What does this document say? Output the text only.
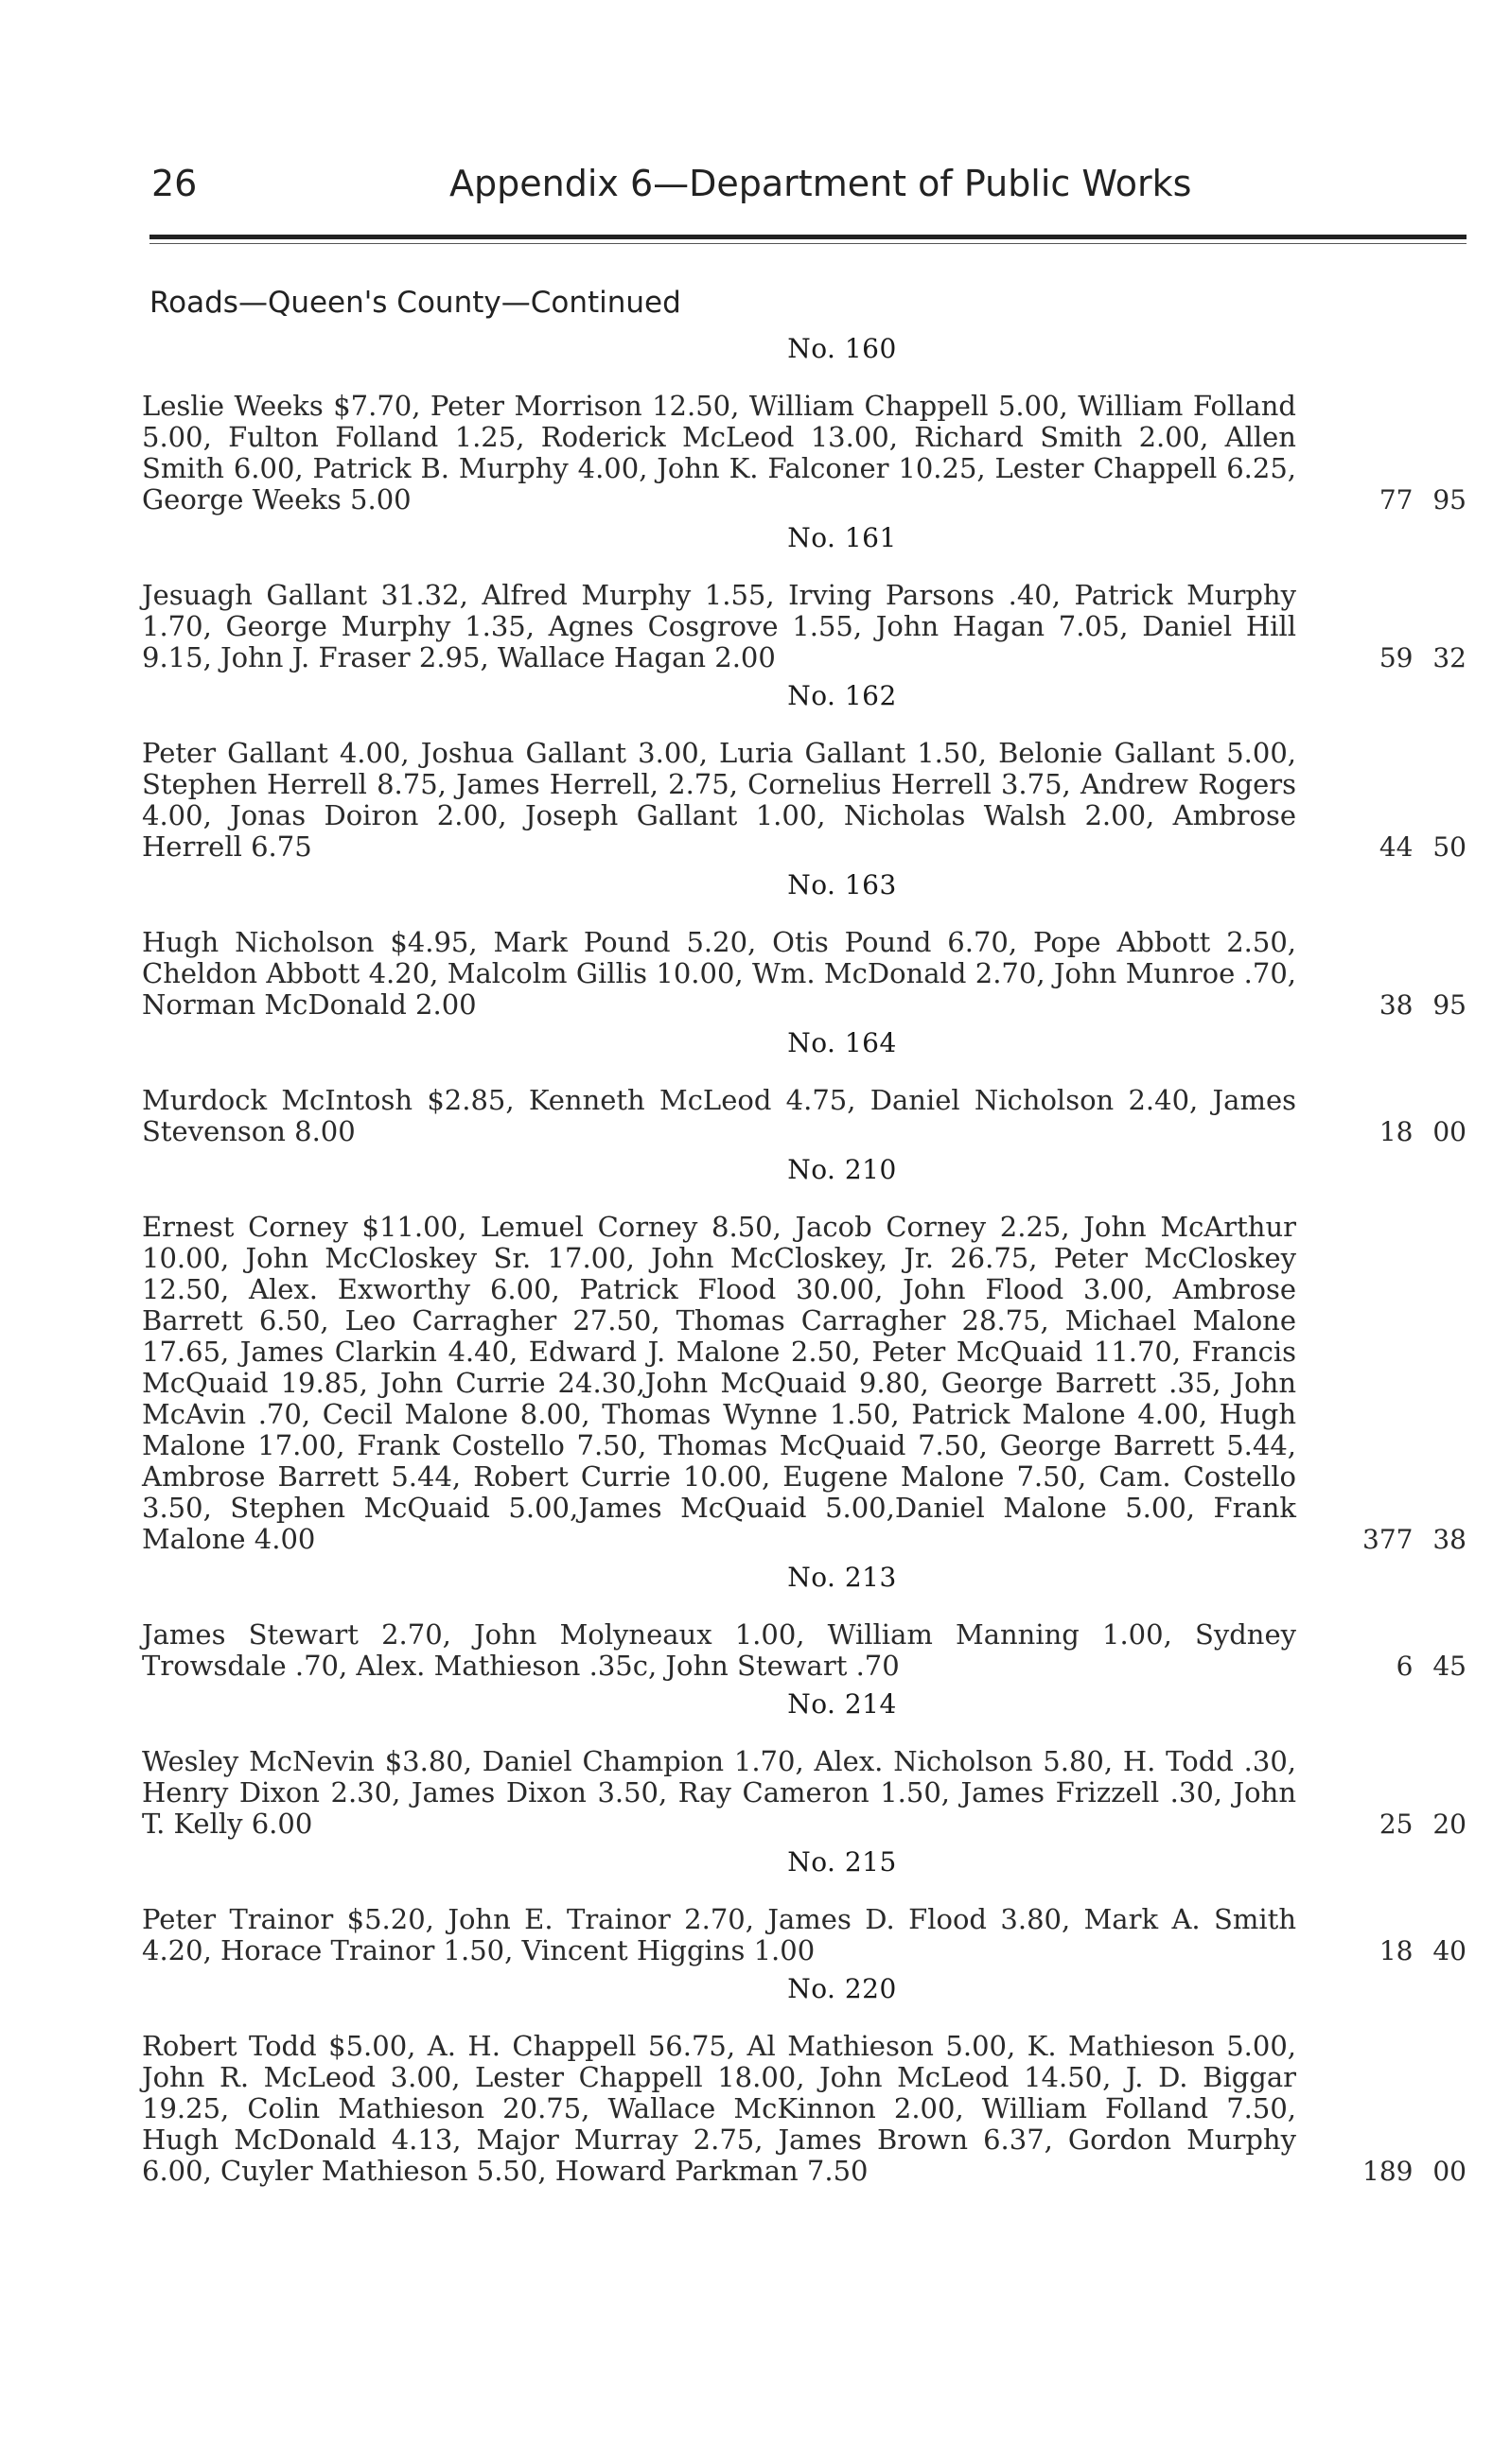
26	Appendix 6—Department of Public Works
Roads—Queen's County—Continued
No. 160
Leslie Weeks $7.70, Peter Morrison 12.50, William Chappell 5.00, William Folland 5.00, Fulton Folland 1.25, Roderick McLeod 13.00, Richard Smith 2.00, Allen Smith 6.00, Patrick B. Murphy 4.00, John K. Falconer 10.25, Lester Chappell 6.25, George Weeks 5.00	77 95
No. 161
Jesuagh Gallant 31.32, Alfred Murphy 1.55, Irving Parsons .40, Patrick Murphy 1.70, George Murphy 1.35, Agnes Cosgrove 1.55, John Hagan 7.05, Daniel Hill 9.15, John J. Fraser 2.95, Wallace Hagan 2.00	59 32
No. 162
Peter Gallant 4.00, Joshua Gallant 3.00, Luria Gallant 1.50, Belonie Gallant 5.00, Stephen Herrell 8.75, James Herrell, 2.75, Cornelius Herrell 3.75, Andrew Rogers 4.00, Jonas Doiron 2.00, Joseph Gallant 1.00, Nicholas Walsh 2.00, Ambrose Herrell 6.75	44 50
No. 163
Hugh Nicholson $4.95, Mark Pound 5.20, Otis Pound 6.70, Pope Abbott 2.50, Cheldon Abbott 4.20, Malcolm Gillis 10.00, Wm. McDonald 2.70, John Munroe .70, Norman McDonald 2.00	38 95
No. 164
Murdock McIntosh $2.85, Kenneth McLeod 4.75, Daniel Nicholson 2.40, James Stevenson 8.00	18 00
No. 210
Ernest Corney $11.00, Lemuel Corney 8.50, Jacob Corney 2.25, John McArthur 10.00, John McCloskey Sr. 17.00, John McCloskey, Jr. 26.75, Peter McCloskey 12.50, Alex. Exworthy 6.00, Patrick Flood 30.00, John Flood 3.00, Ambrose Barrett 6.50, Leo Carragher 27.50, Thomas Carragher 28.75, Michael Malone 17.65, James Clarkin 4.40, Edward J. Malone 2.50, Peter McQuaid 11.70, Francis McQuaid 19.85, John Currie 24.30,John McQuaid 9.80, George Barrett .35, John McAvin .70, Cecil Malone 8.00, Thomas Wynne 1.50, Patrick Malone 4.00, Hugh Malone 17.00, Frank Costello 7.50, Thomas McQuaid 7.50, George Barrett 5.44, Ambrose Barrett 5.44, Robert Currie 10.00, Eugene Malone 7.50, Cam. Costello 3.50, Stephen McQuaid 5.00,James McQuaid 5.00,Daniel Malone 5.00, Frank Malone 4.00	377 38
No. 213
James Stewart 2.70, John Molyneaux 1.00, William Manning 1.00, Sydney Trowsdale .70, Alex. Mathieson .35c, John Stewart .70	6 45
No. 214
Wesley McNevin $3.80, Daniel Champion 1.70, Alex. Nicholson 5.80, H. Todd .30, Henry Dixon 2.30, James Dixon 3.50, Ray Cameron 1.50, James Frizzell .30, John T. Kelly 6.00	25 20
No. 215
Peter Trainor $5.20, John E. Trainor 2.70, James D. Flood 3.80, Mark A. Smith 4.20, Horace Trainor 1.50, Vincent Higgins 1.00	18 40
No. 220
Robert Todd $5.00, A. H. Chappell 56.75, Al Mathieson 5.00, K. Mathieson 5.00, John R. McLeod 3.00, Lester Chappell 18.00, John McLeod 14.50, J. D. Biggar 19.25, Colin Mathieson 20.75, Wallace McKinnon 2.00, William Folland 7.50, Hugh McDonald 4.13, Major Murray 2.75, James Brown 6.37, Gordon Murphy 6.00, Cuyler Mathieson 5.50, Howard Parkman 7.50	189 00
